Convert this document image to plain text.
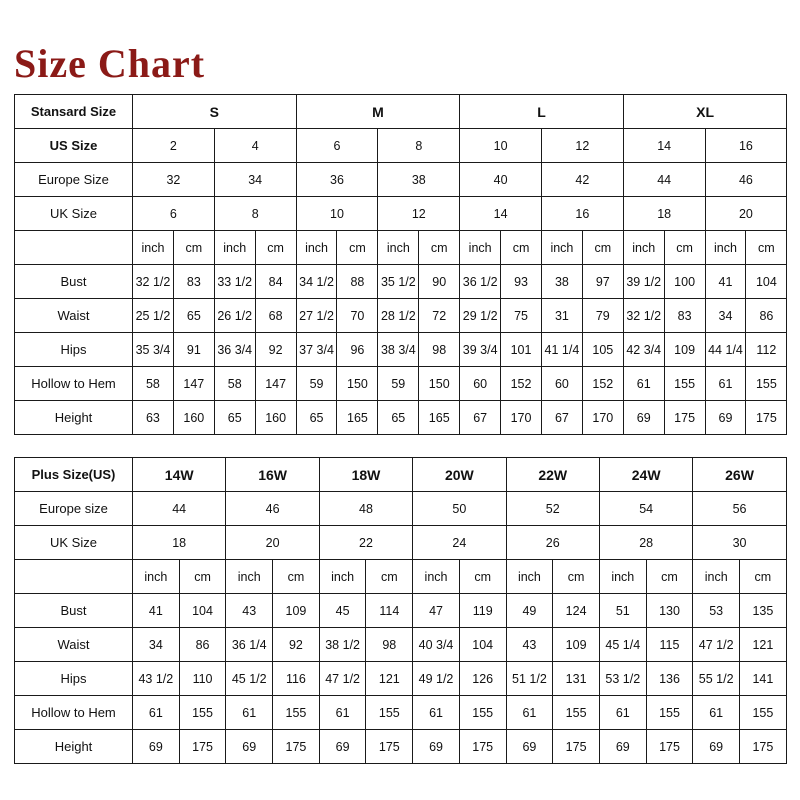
Size Chart
Stansard Size	S				M				L				XL			
US Size	2		4		6		8		10		12		14		16	
Europe Size	32		34		36		38		40		42		44		46	
UK Size	6		8		10		12		14		16		18		20	
	inch	cm	inch	cm	inch	cm	inch	cm	inch	cm	inch	cm	inch	cm	inch	cm
Bust	32 1/2	83	33 1/2	84	34 1/2	88	35 1/2	90	36 1/2	93	38	97	39 1/2	100	41	104
Waist	25 1/2	65	26 1/2	68	27 1/2	70	28 1/2	72	29 1/2	75	31	79	32 1/2	83	34	86
Hips	35 3/4	91	36 3/4	92	37 3/4	96	38 3/4	98	39 3/4	101	41 1/4	105	42 3/4	109	44 1/4	112
Hollow to Hem	58	147	58	147	59	150	59	150	60	152	60	152	61	155	61	155
Height	63	160	65	160	65	165	65	165	67	170	67	170	69	175	69	175
Plus Size(US)	14W		16W		18W		20W		22W		24W		26W		
Europe size	44		46		48		50		52		54		56		
UK Size	18		20		22		24		26		28		30		
	inch	cm	inch	cm	inch	cm	inch	cm	inch	cm	inch	cm	inch	cm	
Bust	41	104	43	109	45	114	47	119	49	124	51	130	53	135	
Waist	34	86	36 1/4	92	38 1/2	98	40 3/4	104	43	109	45 1/4	115	47 1/2	121	
Hips	43 1/2	110	45 1/2	116	47 1/2	121	49 1/2	126	51 1/2	131	53 1/2	136	55 1/2	141	
Hollow to Hem	61	155	61	155	61	155	61	155	61	155	61	155	61	155	
Height	69	175	69	175	69	175	69	175	69	175	69	175	69	175	
